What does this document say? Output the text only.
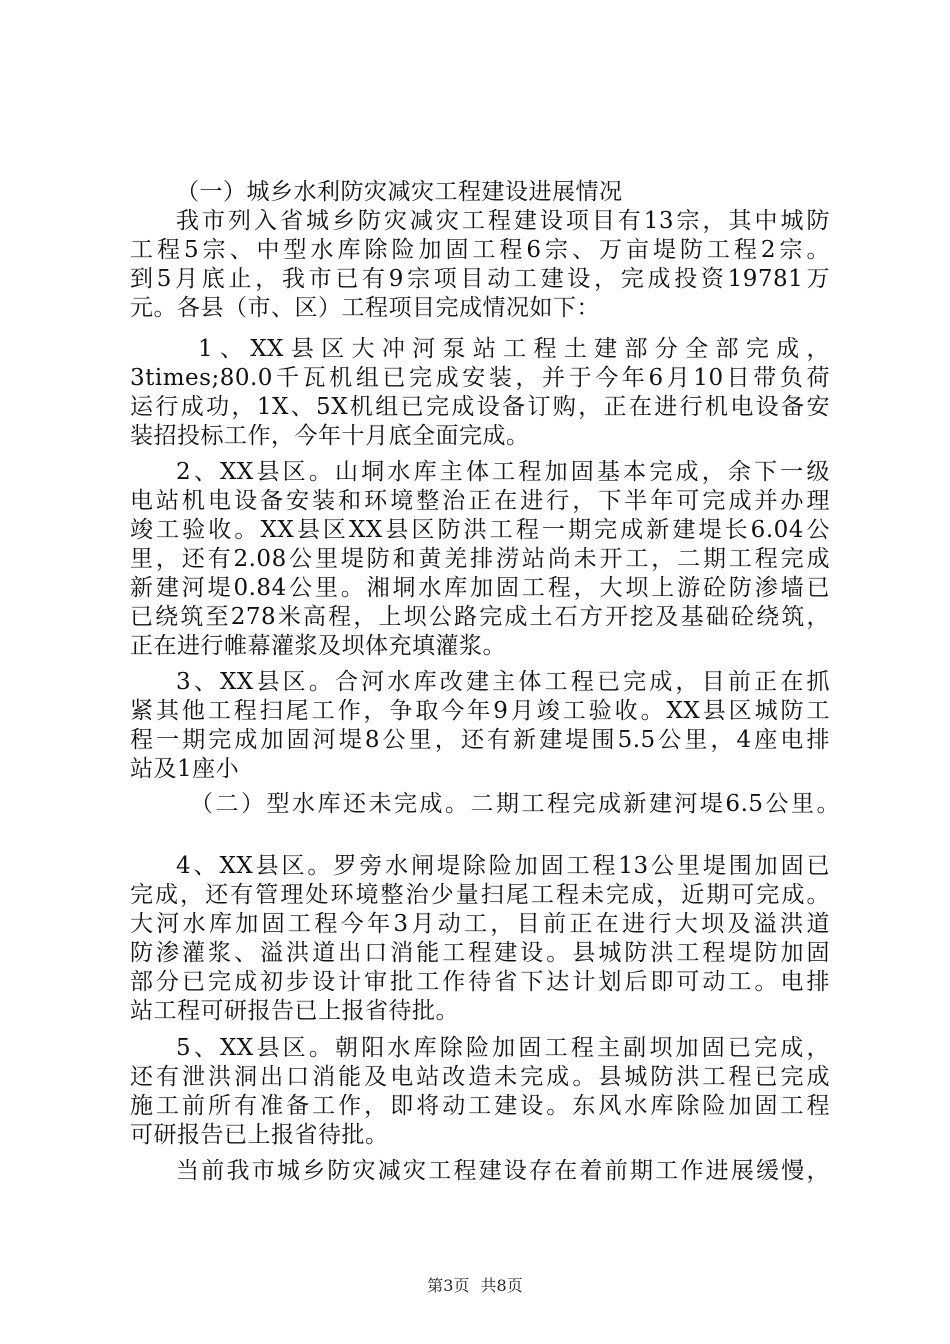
（一）城乡水利防灾减灾工程建设进展情况
我市列入省城乡防灾减灾工程建设项目有13宗，其中城防
工程5宗、中型水库除险加固工程6宗、万亩堤防工程2宗。
到5月底止，我市已有9宗项目动工建设，完成投资19781万
元。各县（市、区）工程项目完成情况如下：
1、XX县区大冲河泵站工程土建部分全部完成，
3times;80.0千瓦机组已完成安装，并于今年6月10日带负荷
运行成功，1X、5X机组已完成设备订购，正在进行机电设备安
装招投标工作，今年十月底全面完成。
2、XX县区。山垌水库主体工程加固基本完成，余下一级
电站机电设备安装和环境整治正在进行，下半年可完成并办理
竣工验收。XX县区XX县区防洪工程一期完成新建堤长6.04公
里，还有2.08公里堤防和黄羌排涝站尚未开工，二期工程完成
新建河堤0.84公里。湘垌水库加固工程，大坝上游砼防渗墙已
已绕筑至278米高程，上坝公路完成土石方开挖及基础砼绕筑，
正在进行帷幕灌浆及坝体充填灌浆。
3、XX县区。合河水库改建主体工程已完成，目前正在抓
紧其他工程扫尾工作，争取今年9月竣工验收。XX县区城防工
程一期完成加固河堤8公里，还有新建堤围5.5公里，4座电排
站及1座小
（二）型水库还未完成。二期工程完成新建河堤6.5公里。
4、XX县区。罗旁水闸堤除险加固工程13公里堤围加固已
完成，还有管理处环境整治少量扫尾工程未完成，近期可完成。
大河水库加固工程今年3月动工，目前正在进行大坝及溢洪道
防渗灌浆、溢洪道出口消能工程建设。县城防洪工程堤防加固
部分已完成初步设计审批工作待省下达计划后即可动工。电排
站工程可研报告已上报省待批。
5、XX县区。朝阳水库除险加固工程主副坝加固已完成，
还有泄洪洞出口消能及电站改造未完成。县城防洪工程已完成
施工前所有准备工作，即将动工建设。东风水库除险加固工程
可研报告已上报省待批。
当前我市城乡防灾减灾工程建设存在着前期工作进展缓慢，
第3页 共8页
